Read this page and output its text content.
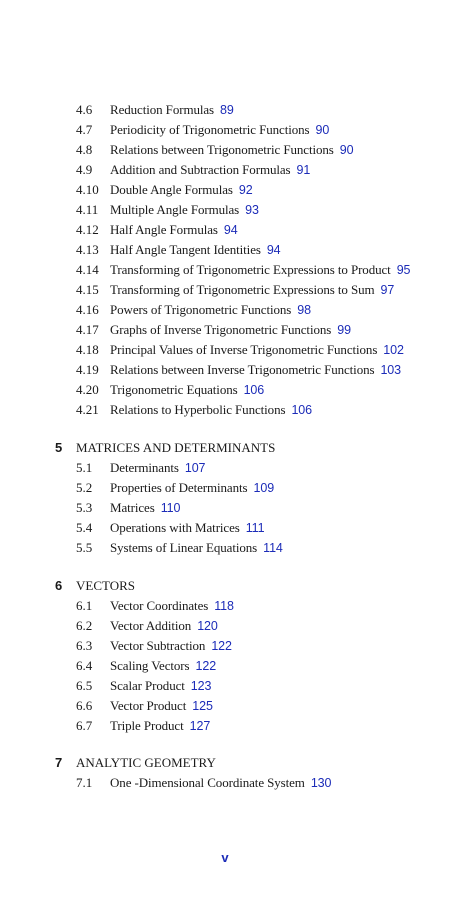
4.6 Reduction Formulas 89
4.7 Periodicity of Trigonometric Functions 90
4.8 Relations between Trigonometric Functions 90
4.9 Addition and Subtraction Formulas 91
4.10 Double Angle Formulas 92
4.11 Multiple Angle Formulas 93
4.12 Half Angle Formulas 94
4.13 Half Angle Tangent Identities 94
4.14 Transforming of Trigonometric Expressions to Product 95
4.15 Transforming of Trigonometric Expressions to Sum 97
4.16 Powers of Trigonometric Functions 98
4.17 Graphs of Inverse Trigonometric Functions 99
4.18 Principal Values of Inverse Trigonometric Functions 102
4.19 Relations between Inverse Trigonometric Functions 103
4.20 Trigonometric Equations 106
4.21 Relations to Hyperbolic Functions 106
5 MATRICES AND DETERMINANTS
5.1 Determinants 107
5.2 Properties of Determinants 109
5.3 Matrices 110
5.4 Operations with Matrices 111
5.5 Systems of Linear Equations 114
6 VECTORS
6.1 Vector Coordinates 118
6.2 Vector Addition 120
6.3 Vector Subtraction 122
6.4 Scaling Vectors 122
6.5 Scalar Product 123
6.6 Vector Product 125
6.7 Triple Product 127
7 ANALYTIC GEOMETRY
7.1 One -Dimensional Coordinate System 130
v
